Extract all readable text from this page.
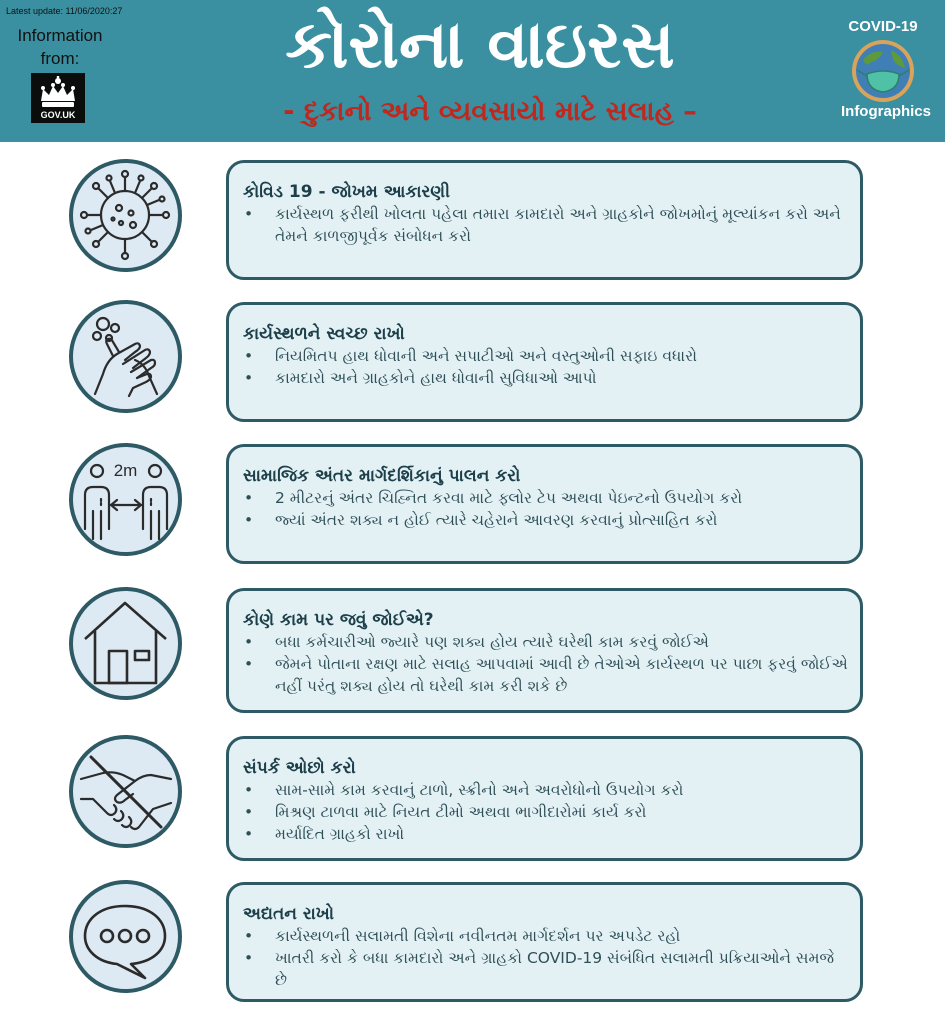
Latest update: 11/06/2020:27
Information
from:
GOV.UK
કોરોના વાઇરસ
- દુકાનો અને વ્યવસાયો માટે સલાહ –
COVID-19
Infographics
કોવિડ 19 - જોખમ આકારણી
• કાર્યસ્થળ ફરીથી ખોલતા પહેલા તમારા કામદારો અને ગ્રાહકોને જોખમોનું મૂલ્યાંકન કરો અને તેમને કાળજીપૂર્વક સંબોધન કરો
કાર્યસ્થળને સ્વચ્છ રાખો
• નિયમિતપ હાથ ધોવાની અને સપાટીઓ અને વસ્તુઓની સફાઇ વધારો
• કામદારો અને ગ્રાહકોને હાથ ધોવાની સુવિધાઓ આપો
2m	સામાજિક અંતર માર્ગદર્શિકાનું પાલન કરો
• 2 મીટરનું અંતર ચિહ્નિત કરવા માટે ફ્લોર ટેપ અથવા પેઇન્ટનો ઉપયોગ કરો
• જ્યાં અંતર શક્ય ન હોઈ ત્યારે ચહેરાને આવરણ કરવાનું પ્રોત્સાહિત કરો
કોણે કામ પર જવું જોઈએ?
• બધા કર્મચારીઓ જ્યારે પણ શક્ય હોય ત્યારે ઘરેથી કામ કરવું જોઈએ
• જેમને પોતાના રક્ષણ માટે સલાહ આપવામાં આવી છે તેઓએ કાર્યસ્થળ પર પાછા ફરવું જોઈએ નહીં પરંતુ શક્ય હોય તો ઘરેથી કામ કરી શકે છે
સંપર્ક ઓછો કરો
• સામ-સામે કામ કરવાનું ટાળો, સ્ક્રીનો અને અવરોધોનો ઉપયોગ કરો
• મિશ્રણ ટાળવા માટે નિયત ટીમો અથવા ભાગીદારોમાં કાર્ય કરો
• મર્યાદિત ગ્રાહકો રાખો
અદ્યતન રાખો
• કાર્યસ્થળની સલામતી વિશેના નવીનતમ માર્ગદર્શન પર અપડેટ રહો
• ખાતરી કરો કે બધા કામદારો અને ગ્રાહકો COVID-19 સંબંધિત સલામતી પ્રક્રિયાઓને સમજે છે
